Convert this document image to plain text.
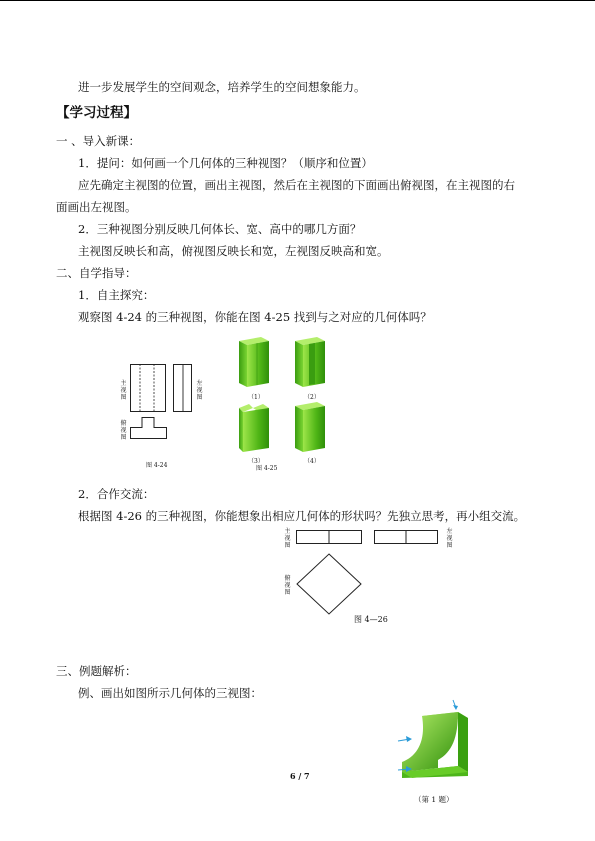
进一步发展学生的空间观念，培养学生的空间想象能力。
【学习过程】
一 、导入新课：
1．提问：如何画一个几何体的三种视图？（顺序和位置）
应先确定主视图的位置，画出主视图，然后在主视图的下面画出俯视图，在主视图的右
面画出左视图。
2．三种视图分别反映几何体长、宽、高中的哪几方面？
主视图反映长和高，俯视图反映长和宽，左视图反映高和宽。
二、自学指导：
1．自主探究：
观察图 4-24 的三种视图，你能在图 4-25 找到与之对应的几何体吗？
主
视
图
左
视
图
俯
视
图
图 4-24
（1）	（2）
（3）	（4）
图 4-25
2．合作交流：
根据图 4-26 的三种视图，你能想象出相应几何体的形状吗？先独立思考，再小组交流。
主
视
图
左
视
图
俯
视
图
图 4—26
三、例题解析：
例、画出如图所示几何体的三视图：
（第 1 题）
6 / 7
